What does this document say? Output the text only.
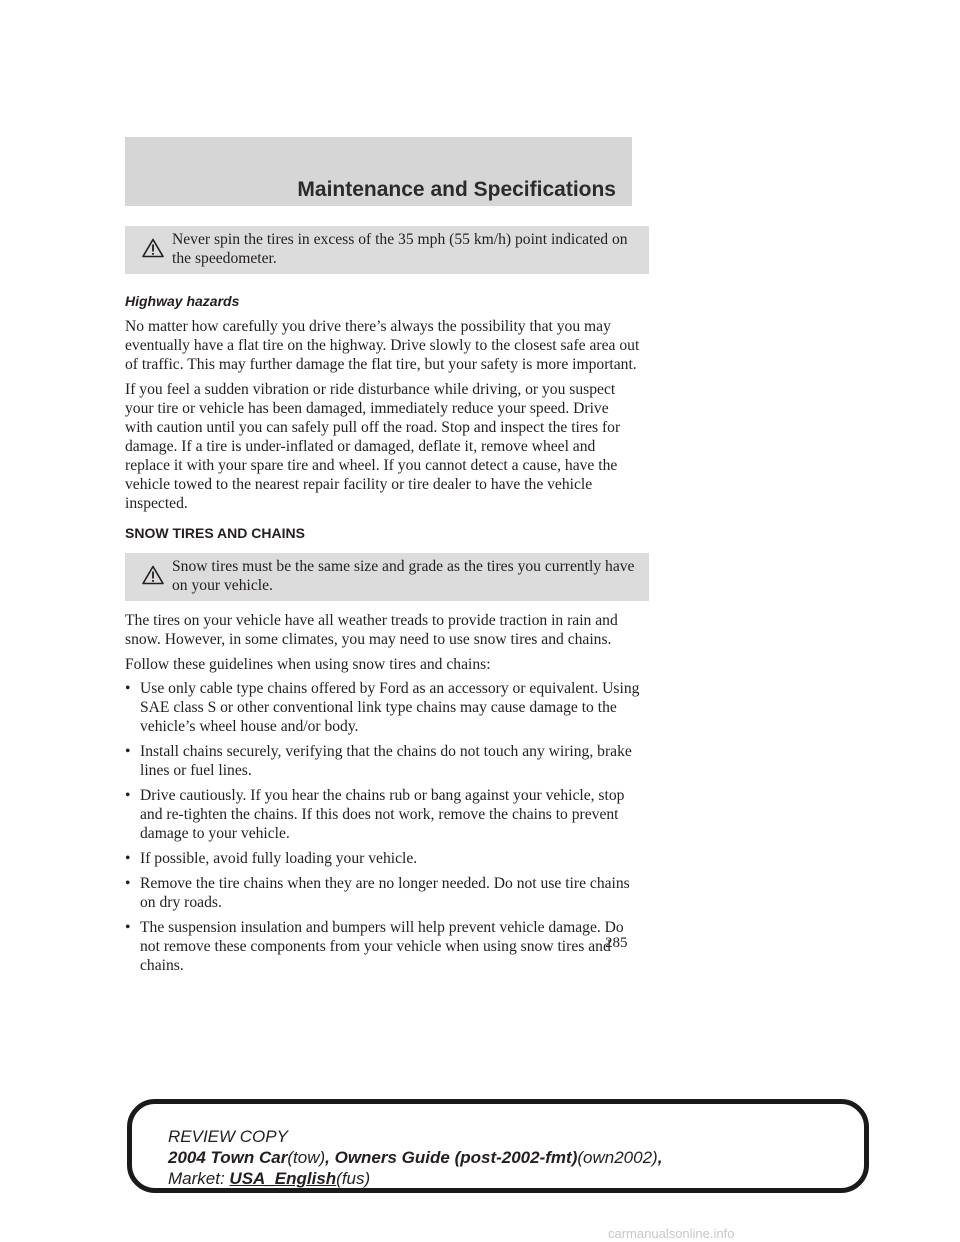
Maintenance and Specifications

Never spin the tires in excess of the 35 mph (55 km/h) point indicated on the speedometer.

Highway hazards

No matter how carefully you drive there’s always the possibility that you may eventually have a flat tire on the highway. Drive slowly to the closest safe area out of traffic. This may further damage the flat tire, but your safety is more important.

If you feel a sudden vibration or ride disturbance while driving, or you suspect your tire or vehicle has been damaged, immediately reduce your speed. Drive with caution until you can safely pull off the road. Stop and inspect the tires for damage. If a tire is under-inflated or damaged, deflate it, remove wheel and replace it with your spare tire and wheel. If you cannot detect a cause, have the vehicle towed to the nearest repair facility or tire dealer to have the vehicle inspected.

SNOW TIRES AND CHAINS

Snow tires must be the same size and grade as the tires you currently have on your vehicle.

The tires on your vehicle have all weather treads to provide traction in rain and snow. However, in some climates, you may need to use snow tires and chains.

Follow these guidelines when using snow tires and chains:

• Use only cable type chains offered by Ford as an accessory or equivalent. Using SAE class S or other conventional link type chains may cause damage to the vehicle’s wheel house and/or body.
• Install chains securely, verifying that the chains do not touch any wiring, brake lines or fuel lines.
• Drive cautiously. If you hear the chains rub or bang against your vehicle, stop and re-tighten the chains. If this does not work, remove the chains to prevent damage to your vehicle.
• If possible, avoid fully loading your vehicle.
• Remove the tire chains when they are no longer needed. Do not use tire chains on dry roads.
• The suspension insulation and bumpers will help prevent vehicle damage. Do not remove these components from your vehicle when using snow tires and chains.
285
REVIEW COPY
2004 Town Car(tow), Owners Guide (post-2002-fmt)(own2002),
Market: USA_English(fus)
carmanualsonline.info
